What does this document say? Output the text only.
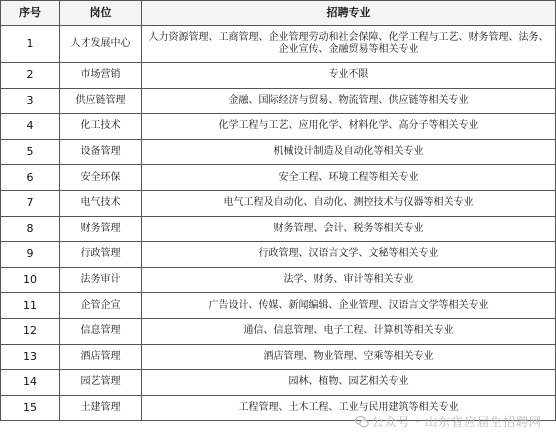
序号	岗位	招聘专业
1	人才发展中心	人力资源管理、工商管理、企业管理劳动和社会保障、化学工程与工艺、财务管理、法务、企业宣传、金融贸易等相关专业
2	市场营销	专业不限
3	供应链管理	金融、国际经济与贸易、物流管理、供应链等相关专业
4	化工技术	化学工程与工艺、应用化学、材料化学、高分子等相关专业
5	设备管理	机械设计制造及自动化等相关专业
6	安全环保	安全工程、环境工程等相关专业
7	电气技术	电气工程及自动化、自动化、测控技术与仪器等相关专业
8	财务管理	财务管理、会计、税务等相关专业
9	行政管理	行政管理、汉语言文学、文秘等相关专业
10	法务审计	法学、财务、审计等相关专业
11	企管企宣	广告设计、传媒、新闻编辑、企业管理、汉语言文学等相关专业
12	信息管理	通信、信息管理、电子工程、计算机等相关专业
13	酒店管理	酒店管理、物业管理、空乘等相关专业
14	园艺管理	园林、植物、园艺相关专业
15	土建管理	工程管理、土木工程、工业与民用建筑等相关专业
公众号 · 山东省应届生招聘网
